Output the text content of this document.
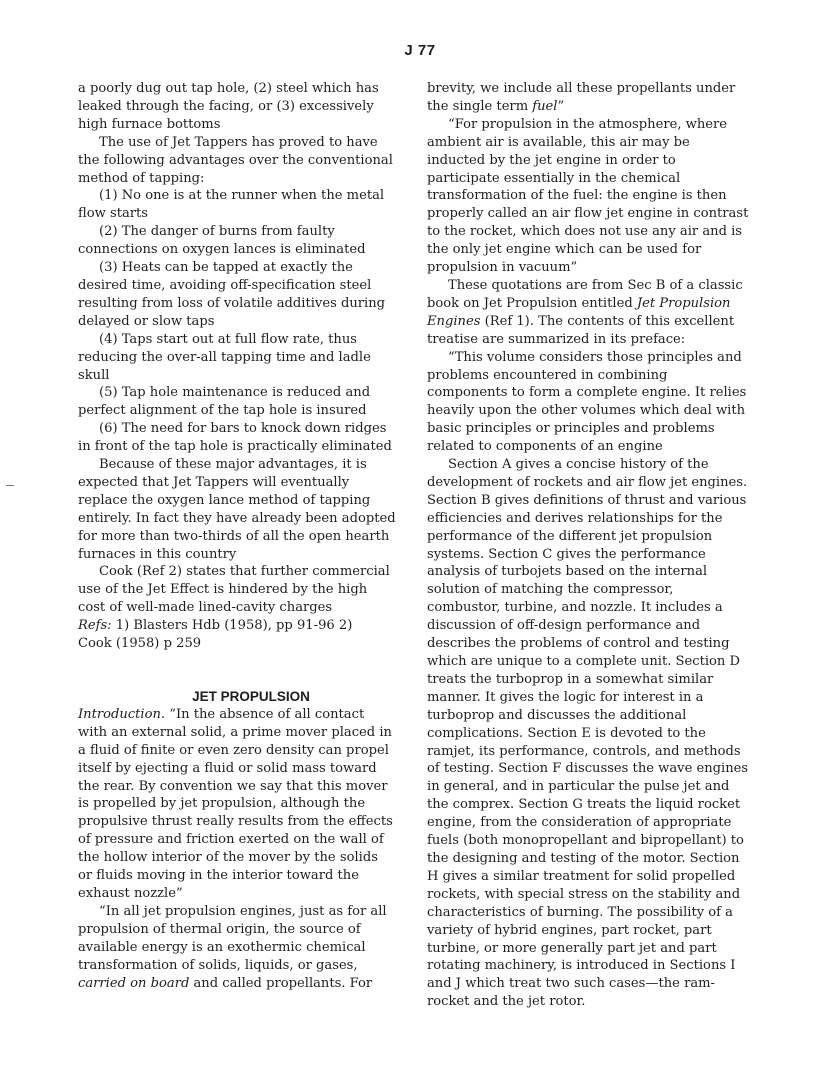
J 77

a poorly dug out tap hole, (2) steel which has leaked through the facing, or (3) excessively high furnace bottoms

The use of Jet Tappers has proved to have the following advantages over the conventional method of tapping:

(1) No one is at the runner when the metal flow starts

(2) The danger of burns from faulty connections on oxygen lances is eliminated

(3) Heats can be tapped at exactly the desired time, avoiding off-specification steel resulting from loss of volatile additives during delayed or slow taps

(4) Taps start out at full flow rate, thus reducing the over-all tapping time and ladle skull

(5) Tap hole maintenance is reduced and perfect alignment of the tap hole is insured

(6) The need for bars to knock down ridges in front of the tap hole is practically eliminated

Because of these major advantages, it is expected that Jet Tappers will eventually replace the oxygen lance method of tapping entirely. In fact they have already been adopted for more than two-thirds of all the open hearth furnaces in this country

Cook (Ref 2) states that further commercial use of the Jet Effect is hindered by the high cost of well-made lined-cavity charges

Refs: 1) Blasters Hdb (1958), pp 91-96 2)
Cook (1958) p 259

JET PROPULSION

Introduction. “In the absence of all contact with an external solid, a prime mover placed in a fluid of finite or even zero density can propel itself by ejecting a fluid or solid mass toward the rear. By convention we say that this mover is propelled by jet propulsion, although the propulsive thrust really results from the effects of pressure and friction exerted on the wall of the hollow interior of the mover by the solids or fluids moving in the interior toward the exhaust nozzle”

“In all jet propulsion engines, just as for all propulsion of thermal origin, the source of available energy is an exothermic chemical transformation of solids, liquids, or gases, carried on board and called propellants. For

brevity, we include all these propellants under the single term fuel”

“For propulsion in the atmosphere, where ambient air is available, this air may be inducted by the jet engine in order to participate essentially in the chemical transformation of the fuel: the engine is then properly called an air flow jet engine in contrast to the rocket, which does not use any air and is the only jet engine which can be used for propulsion in vacuum”

These quotations are from Sec B of a classic book on Jet Propulsion entitled Jet Propulsion Engines (Ref 1). The contents of this excellent treatise are summarized in its preface:

“This volume considers those principles and problems encountered in combining components to form a complete engine. It relies heavily upon the other volumes which deal with basic principles or principles and problems related to components of an engine

Section A gives a concise history of the development of rockets and air flow jet engines. Section B gives definitions of thrust and various efficiencies and derives relationships for the performance of the different jet propulsion systems. Section C gives the performance analysis of turbojets based on the internal solution of matching the compressor, combustor, turbine, and nozzle. It includes a discussion of off-design performance and describes the problems of control and testing which are unique to a complete unit. Section D treats the turboprop in a somewhat similar manner. It gives the logic for interest in a turboprop and discusses the additional complications. Section E is devoted to the ramjet, its performance, controls, and methods of testing. Section F discusses the wave engines in general, and in particular the pulse jet and the comprex. Section G treats the liquid rocket engine, from the consideration of appropriate fuels (both monopropellant and bipropellant) to the designing and testing of the motor. Section H gives a similar treatment for solid propelled rockets, with special stress on the stability and characteristics of burning. The possibility of a variety of hybrid engines, part rocket, part turbine, or more generally part jet and part rotating machinery, is introduced in Sections I and J which treat two such cases—the ram-rocket and the jet rotor.
